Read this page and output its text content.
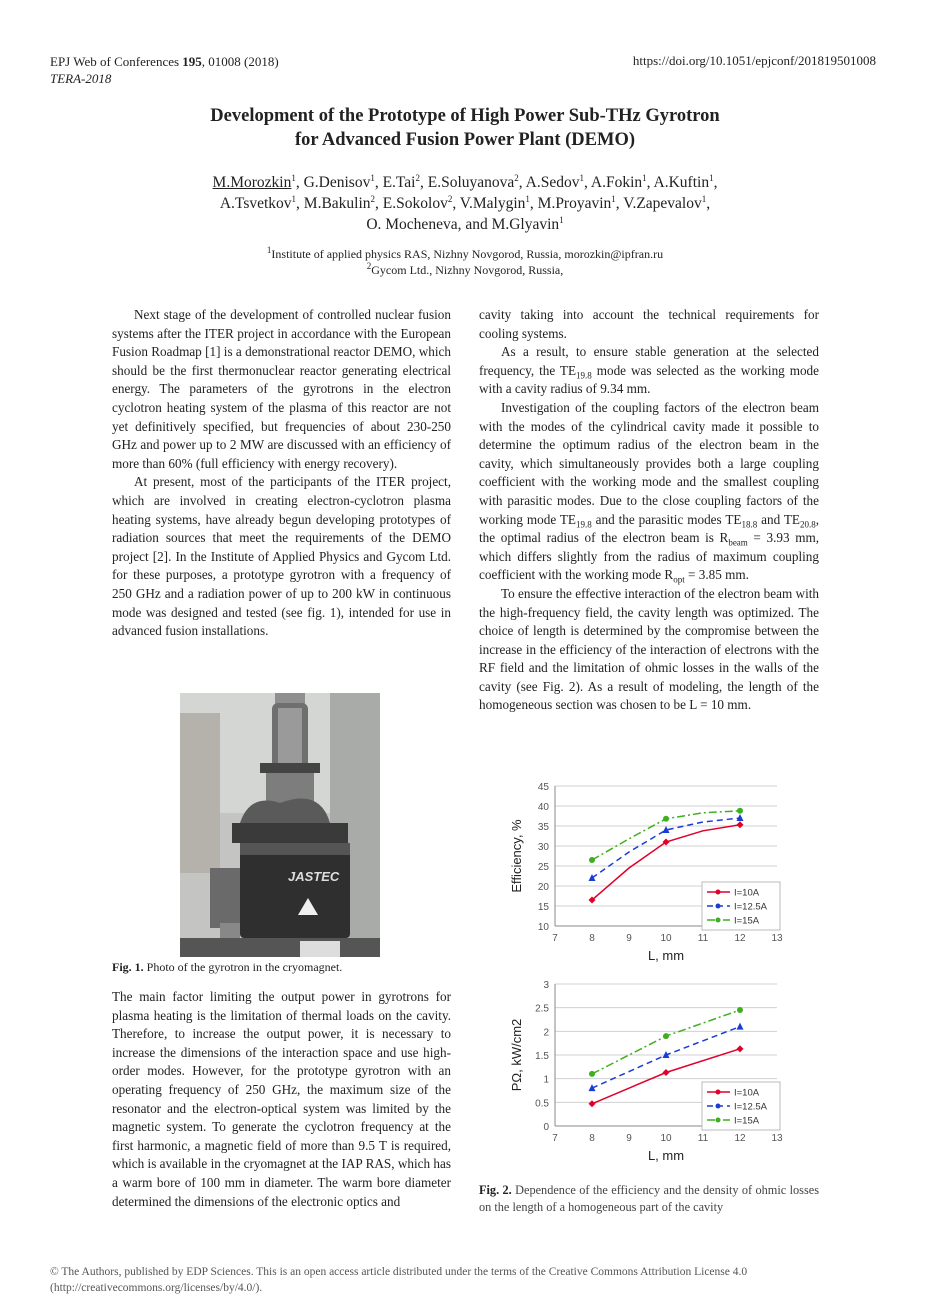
EPJ Web of Conferences 195, 01008 (2018)
TERA-2018
https://doi.org/10.1051/epjconf/201819501008
Development of the Prototype of High Power Sub-THz Gyrotron
for Advanced Fusion Power Plant (DEMO)
M.Morozkin$^1$, G.Denisov$^1$, E.Tai$^2$, E.Soluyanova$^2$, A.Sedov$^1$, A.Fokin$^1$, A.Kuftin$^1$,
A.Tsvetkov$^1$, M.Bakulin$^2$, E.Sokolov$^2$, V.Malygin$^1$, M.Proyavin$^1$, V.Zapevalov$^1$,
O. Mocheneva, and M.Glyavin$^1$
$^1$Institute of applied physics RAS, Nizhny Novgorod, Russia, morozkin@ipfran.ru
$^2$Gycom Ltd., Nizhny Novgorod, Russia,

Next stage of the development of controlled nuclear fusion systems after the ITER project in accordance with the European Fusion Roadmap [1] is a demonstrational reactor DEMO, which should be the first thermonuclear reactor generating electrical energy. The parameters of the gyrotrons in the electron cyclotron heating system of the plasma of this reactor are not yet definitively specified, but frequencies of about 230-250 GHz and power up to 2 MW are discussed with an efficiency of more than 60% (full efficiency with energy recovery).

At present, most of the participants of the ITER project, which are involved in creating electron-cyclotron plasma heating systems, have already begun developing prototypes of radiation sources that meet the requirements of the DEMO project [2]. In the Institute of Applied Physics and Gycom Ltd. for these purposes, a prototype gyrotron with a frequency of 250 GHz and a radiation power of up to 200 kW in continuous mode was designed and tested (see fig. 1), intended for use in advanced fusion installations.

JASTEC
Fig. 1. Photo of the gyrotron in the cryomagnet.

The main factor limiting the output power in gyrotrons for plasma heating is the limitation of thermal loads on the cavity. Therefore, to increase the output power, it is necessary to increase the dimensions of the interaction space and use high-order modes. However, for the prototype gyrotron with an operating frequency of 250 GHz, the maximum size of the resonator and the electron-optical system was limited by the magnetic system. To generate the cyclotron frequency at the first harmonic, a magnetic field of more than 9.5 T is required, which is available in the cryomagnet at the IAP RAS, which has a warm bore of 100 mm in diameter. The warm bore diameter determined the dimensions of the electronic optics and

cavity taking into account the technical requirements for cooling systems.

As a result, to ensure stable generation at the selected frequency, the $TE_{19.8}$ mode was selected as the working mode with a cavity radius of 9.34 mm.

Investigation of the coupling factors of the electron beam with the modes of the cylindrical cavity made it possible to determine the optimum radius of the electron beam in the cavity, which simultaneously provides both a large coupling coefficient with the working mode and the smallest coupling with parasitic modes. Due to the close coupling factors of the working mode $TE_{19.8}$ and the parasitic modes $TE_{18.8}$ and $TE_{20.8}$, the optimal radius of the electron beam is $R_{beam} = 3.93$ mm, which differs slightly from the radius of maximum coupling coefficient with the working mode $R_{opt} = 3.85$ mm.

To ensure the effective interaction of the electron beam with the high-frequency field, the cavity length was optimized. The choice of length is determined by the compromise between the increase in the efficiency of the interaction of electrons with the RF field and the limitation of ohmic losses in the walls of the cavity (see Fig. 2). As a result of modeling, the length of the homogeneous section was chosen to be L = 10 mm.

10
15
20
25
30
35
40
45
7	8	9	10	11	12	13
L, mm
Efficiency, %
I=10A
I=12.5A
I=15A
0
0.5
1
1.5
2
2.5
3
7	8	9	10	11	12	13
L, mm
PΩ, kW/cm2
I=10A
I=12.5A
I=15A
Fig. 2. Dependence of the efficiency and the density of ohmic losses on the length of a homogeneous part of the cavity
© The Authors, published by EDP Sciences. This is an open access article distributed under the terms of the Creative Commons Attribution License 4.0 (http://creativecommons.org/licenses/by/4.0/).
